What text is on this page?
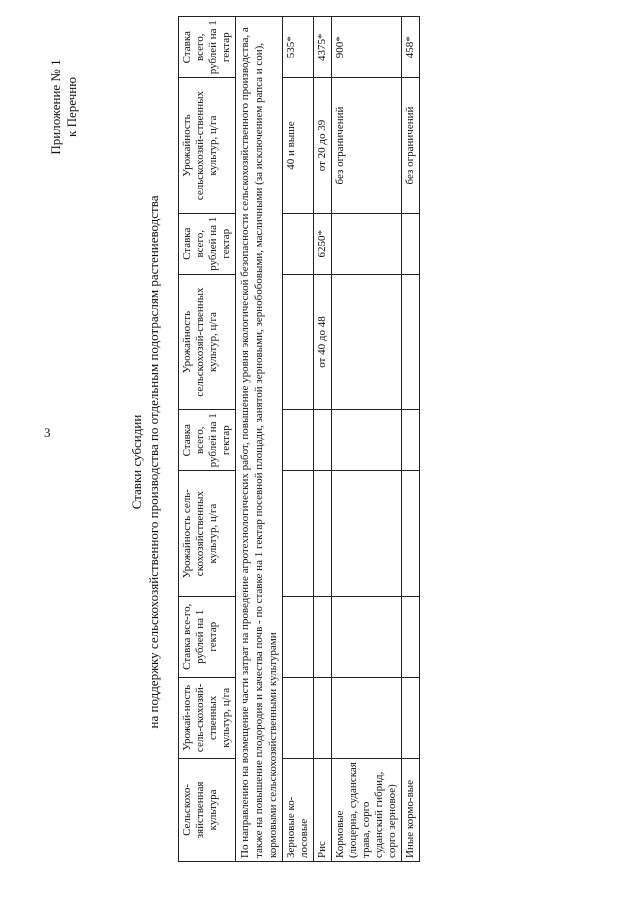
3
Приложение № 1 к Перечню
Ставки субсидии на поддержку сельскохозяйственного производства по отдельным подотраслям растениеводства
Сельскохо-зяйственная культура	Урожай-ность сель-скохозяй-ственных культур, ц/га	Ставка все-го, рублей на 1 гектар	Урожайность сель-скохозяйственных культур, ц/га	Ставка всего, рублей на 1 гектар	Урожайность сельскохозяй-ственных культур, ц/га	Ставка всего, рублей на 1 гектар	Урожайность сельскохозяй-ственных культур, ц/га	Ставка всего, рублей на 1 гектар
По направлению на возмещение части затрат на проведение агротехнологических работ, повышение уровня экологической безопасности сельскохозяйственного производства, а также на повышение плодородия и качества почв - по ставке на 1 гектар посевной площади, занятой зерновыми, зернобобовыми, масличными (за исключением рапса и сои), кормовыми сельскохозяйственными культурами								
Зерновые ко-лосовые							40 и выше	535*
Рис					от 40 до 48	6250*	от 20 до 39	4375*
Кормовые (люцерна, суданская трава, сорго суданский гибрид, сорго зерновое)							без ограничений	900*
Иные кормо-вые							без ограничений	458*
